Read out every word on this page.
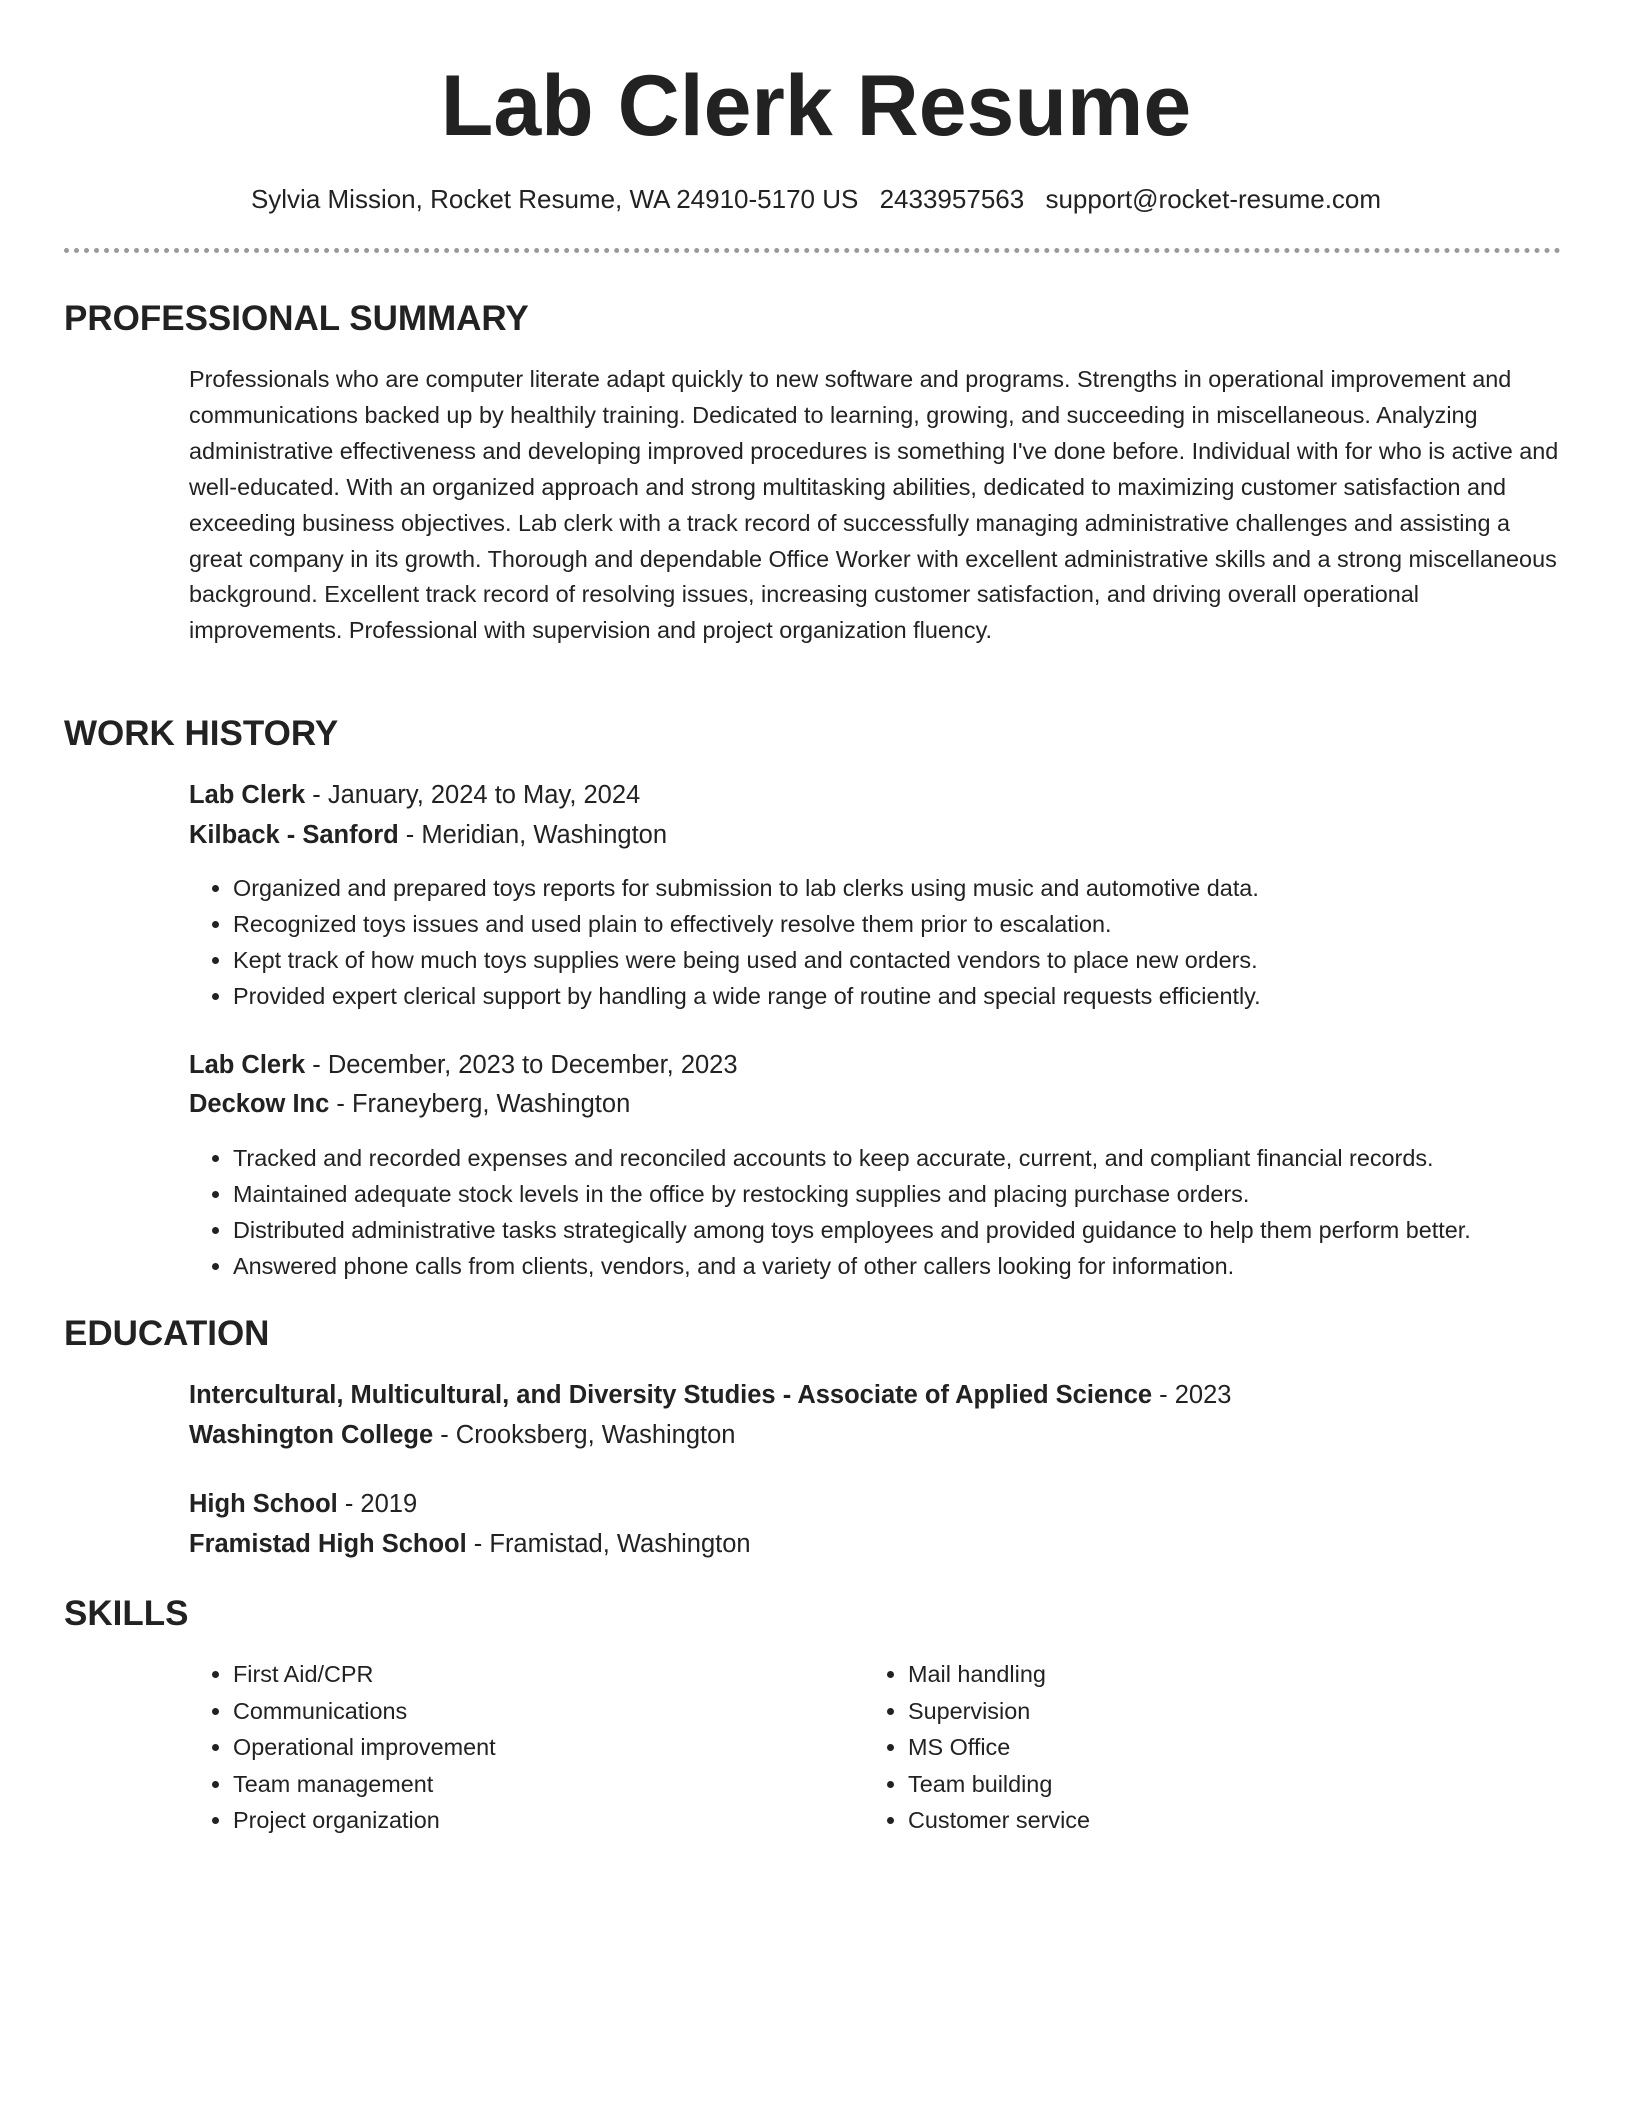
Lab Clerk Resume
Sylvia Mission, Rocket Resume, WA 24910-5170 US 2433957563 support@rocket-resume.com
PROFESSIONAL SUMMARY

Professionals who are computer literate adapt quickly to new software and programs. Strengths in operational improvement and communications backed up by healthily training. Dedicated to learning, growing, and succeeding in miscellaneous. Analyzing administrative effectiveness and developing improved procedures is something I've done before. Individual with for who is active and well-educated. With an organized approach and strong multitasking abilities, dedicated to maximizing customer satisfaction and exceeding business objectives. Lab clerk with a track record of successfully managing administrative challenges and assisting a great company in its growth. Thorough and dependable Office Worker with excellent administrative skills and a strong miscellaneous background. Excellent track record of resolving issues, increasing customer satisfaction, and driving overall operational improvements. Professional with supervision and project organization fluency.

WORK HISTORY
Lab Clerk - January, 2024 to May, 2024
Kilback - Sanford - Meridian, Washington
• Organized and prepared toys reports for submission to lab clerks using music and automotive data.
• Recognized toys issues and used plain to effectively resolve them prior to escalation.
• Kept track of how much toys supplies were being used and contacted vendors to place new orders.
• Provided expert clerical support by handling a wide range of routine and special requests efficiently.
Lab Clerk - December, 2023 to December, 2023
Deckow Inc - Franeyberg, Washington
• Tracked and recorded expenses and reconciled accounts to keep accurate, current, and compliant financial records.
• Maintained adequate stock levels in the office by restocking supplies and placing purchase orders.
• Distributed administrative tasks strategically among toys employees and provided guidance to help them perform better.
• Answered phone calls from clients, vendors, and a variety of other callers looking for information.
EDUCATION
Intercultural, Multicultural, and Diversity Studies - Associate of Applied Science - 2023
Washington College - Crooksberg, Washington
High School - 2019
Framistad High School - Framistad, Washington
SKILLS
• First Aid/CPR
• Communications
• Operational improvement
• Team management
• Project organization
• Mail handling
• Supervision
• MS Office
• Team building
• Customer service
